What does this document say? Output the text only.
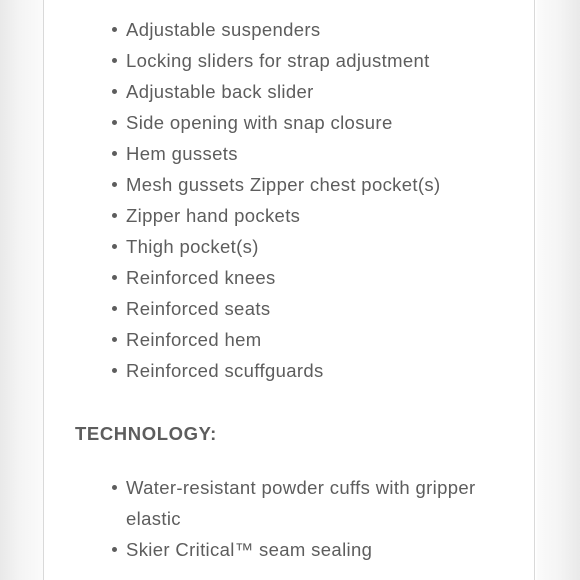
Adjustable suspenders
Locking sliders for strap adjustment
Adjustable back slider
Side opening with snap closure
Hem gussets
Mesh gussets Zipper chest pocket(s)
Zipper hand pockets
Thigh pocket(s)
Reinforced knees
Reinforced seats
Reinforced hem
Reinforced scuffguards
TECHNOLOGY:
Water-resistant powder cuffs with gripper elastic
Skier Critical™ seam sealing
